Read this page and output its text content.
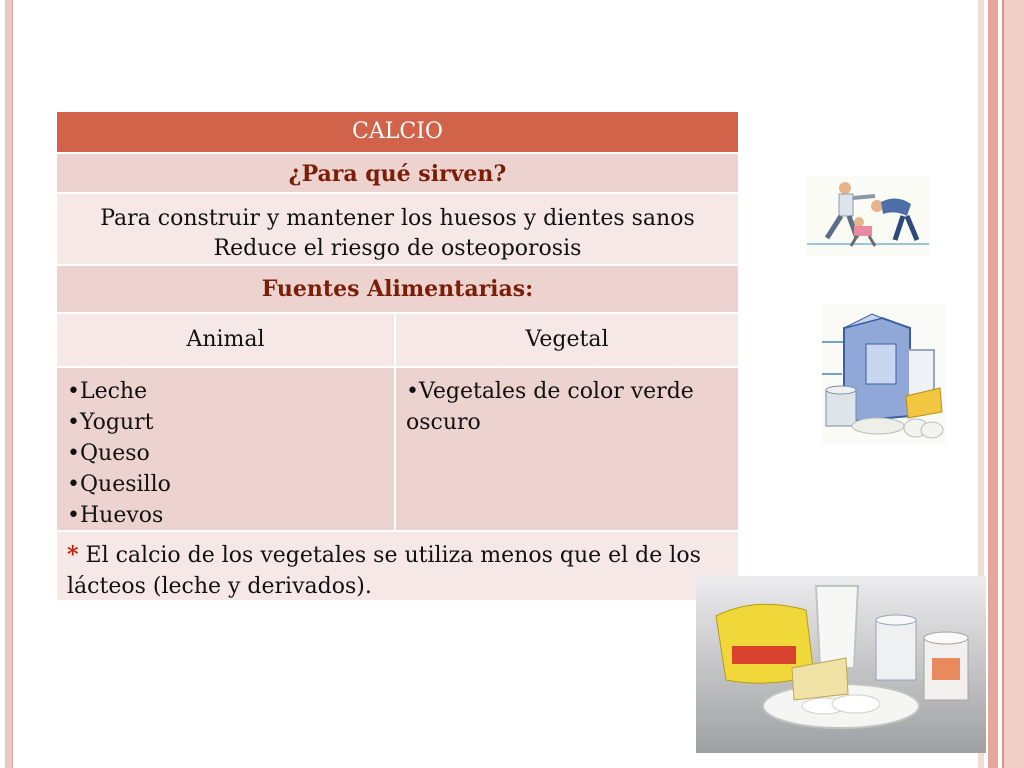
CALCIO
¿Para qué sirven?
Para construir y mantener los huesos y dientes sanos
Reduce el riesgo de osteoporosis
Fuentes Alimentarias:
Animal	Vegetal
• Leche
• Yogurt
• Queso
• Quesillo
• Huevos
• Vegetales de color verde oscuro
* El calcio de los vegetales se utiliza menos que el de los lácteos (leche y derivados).
